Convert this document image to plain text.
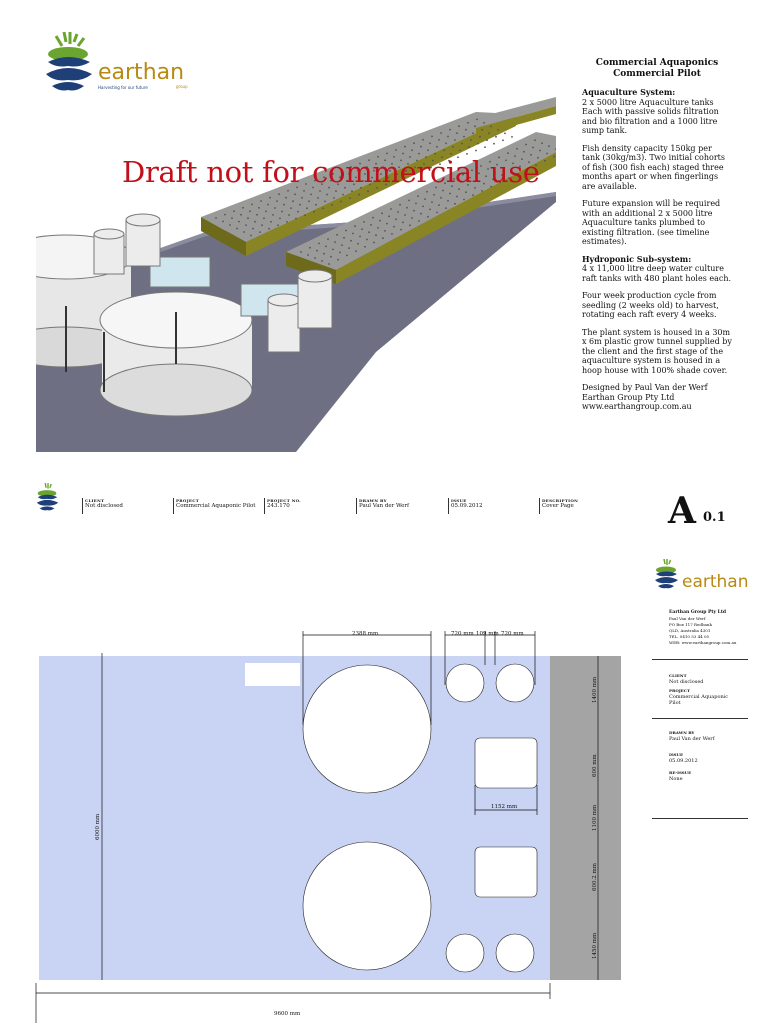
earthan
group
Harvesting for our future
Draft not for commercial use
Commercial Aquaponics
Commercial Pilot
Aquaculture System:

2 x 5000 litre Aquaculture tanks Each with passive solids filtration and bio filtration and a 1000 litre sump tank.

Fish density capacity 150kg per tank (30kg/m3). Two initial cohorts of fish (300 fish each) staged three months apart or when fingerlings are available.

Future expansion will be required with an additional 2 x 5000 litre Aquaculture tanks plumbed to existing filtration. (see timeline estimates).

Hydroponic Sub-system:

4 x 11,000 litre deep water culture raft tanks with 480 plant holes each.

Four week production cycle from seedling (2 weeks old) to harvest, rotating each raft every 4 weeks.

The plant system is housed in a 30m x 6m plastic grow tunnel supplied by the client and the first stage of the aquaculture system is housed in a hoop house with 100% shade cover.

Designed by Paul Van der Werf
Earthan Group Pty Ltd
www.earthangroup.com.au
CLIENT
Not disclosed
PROJECT
Commercial Aquaponic Pilot
PROJECT NO.
243.170
DRAWN BY
Paul Van der Werf
ISSUE
05.09.2012
DESCRIPTION
Cover Page	A 0.1
earthan
Earthan Group Pty Ltd
Paul Van der Werf
PO Box 117 Redbank
QLD, Australia 4301
TEL. 0410 53 44 05
WEB: www.earthangroup.com.au
CLIENT
Not disclosed
PROJECT
Commercial Aquaponic
Pilot
DRAWN BY
Paul Van der Werf
ISSUE
05.09.2012
RE-ISSUE
None
2388 mm	720 mm 109 mm 720 mm
1152 mm
9600 mm
6000 mm
1400 mm
600 mm
1100 mm
600.2 mm
1450 mm
